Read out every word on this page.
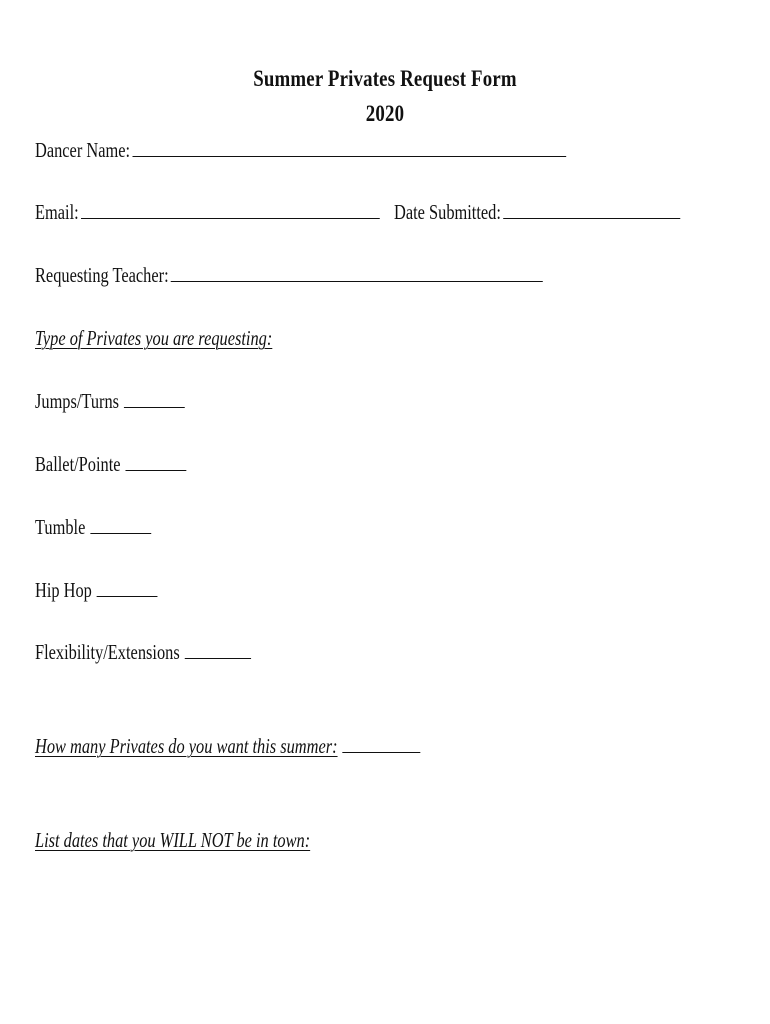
Summer Privates Request Form
2020
Dancer Name:
Email:	Date Submitted:
Requesting Teacher:
Type of Privates you are requesting:
Jumps/Turns
Ballet/Pointe
Tumble
Hip Hop
Flexibility/Extensions
How many Privates do you want this summer:
List dates that you WILL NOT be in town:
